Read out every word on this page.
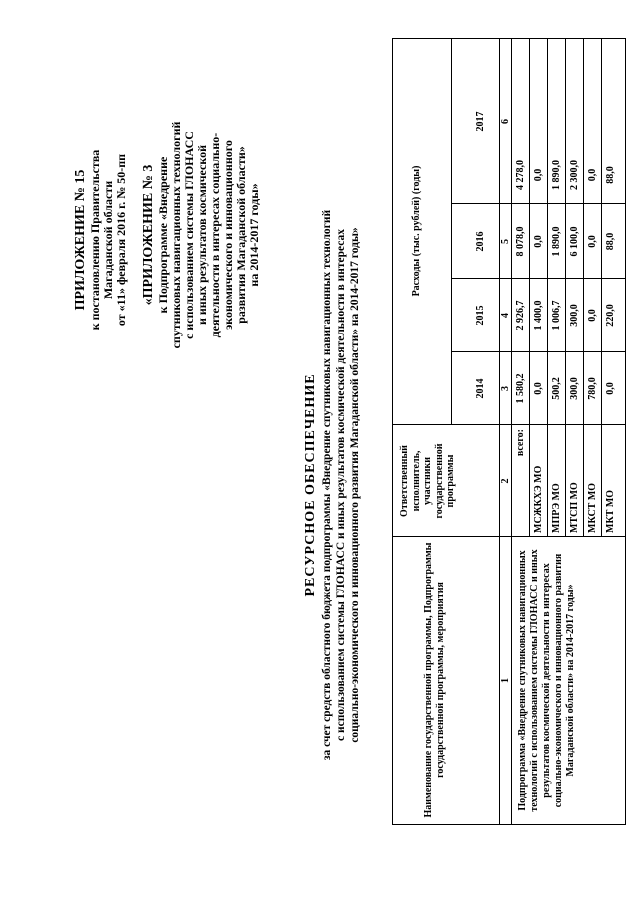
ПРИЛОЖЕНИЕ № 15 к постановлению Правительства Магаданской области от «11» февраля 2016 г. № 50-пп «ПРИЛОЖЕНИЕ № 3 к Подпрограмме «Внедрение спутниковых навигационных технологий с использованием системы ГЛОНАСС и иных результатов космической деятельности в интересах социально- экономического и инновационного развития Магаданской области» на 2014-2017 годы»
РЕСУРСНОЕ ОБЕСПЕЧЕНИЕ за счет средств областного бюджета подпрограммы «Внедрение спутниковых навигационных технологий с использованием системы ГЛОНАСС и иных результатов космической деятельности в интересах социально-экономического и инновационного развития Магаданской области» на 2014-2017 годы»	Наименование государственной программы, Подпрограммы государственной программы, мероприятия
Ответственный исполнитель, участники государственной программы
Расходы (тыс. рублей) (годы)
2014
2015
2016
2017
1
2
3
4
5
6
Подпрограмма «Внедрение спутниковых навигационных технологий с использованием системы ГЛОНАСС и иных результатов космической деятельности в интересах социально-экономического и инновационного развития Магаданской области» на 2014-2017 годы»
всего:
1 580,2
2 926,7
8 078,0
4 278,0
МСЖКХЭ МО
0,0
1 400,0
0,0
0,0
МПРЭ МО
500,2
1 006,7
1 890,0
1 890,0
МТСП МО
300,0
300,0
6 100,0
2 300,0
МКСТ МО
780,0
0,0
0,0
0,0
МКТ МО
0,0
220,0
88,0
88,0
